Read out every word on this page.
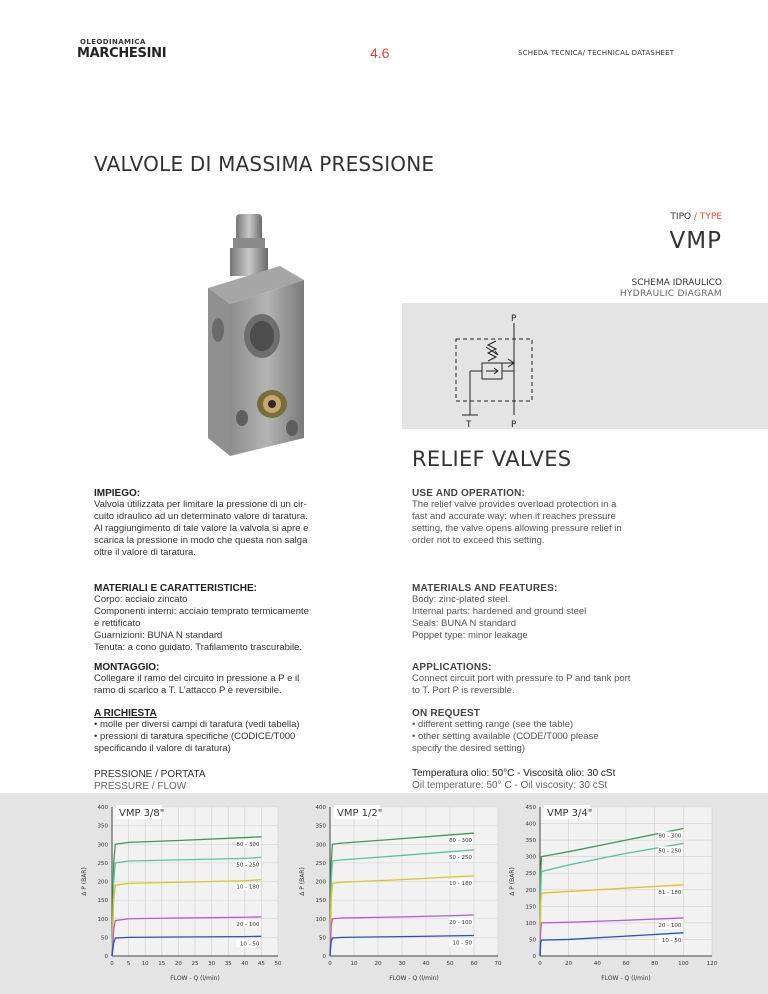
OLEODINAMICA
MARCHESINI	4.6	SCHEDA TECNICA/ TECHNICAL DATASHEET
VALVOLE DI MASSIMA PRESSIONE
TIPO / TYPE
VMP
SCHEMA IDRAULICO
HYDRAULIC DIAGRAM
P
T	P
RELIEF VALVES
IMPIEGO:
Valvola utilizzata per limitare la pressione di un cir-
cuito idraulico ad un determinato valore di taratura.
Al raggiungimento di tale valore la valvola si apre e
scarica la pressione in modo che questa non salga
oltre il valore di taratura.
MATERIALI E CARATTERISTICHE:
Corpo: acciaio zincato
Componenti interni: acciaio temprato termicamente
e rettificato
Guarnizioni: BUNA N standard
Tenuta: a cono guidato. Trafilamento trascurabile.
MONTAGGIO:
Collegare il ramo del circuito in pressione a P e il
ramo di scarico a T. L’attacco P è reversibile.
A RICHIESTA
• molle per diversi campi di taratura (vedi tabella)
• pressioni di taratura specifiche (CODICE/T000
specificando il valore di taratura)
USE AND OPERATION:
The relief valve provides overload protection in a
fast and accurate way: when it reaches pressure
setting, the valve opens allowing pressure relief in
order not to exceed this setting.
MATERIALS AND FEATURES:
Body: zinc-plated steel.
Internal parts: hardened and ground steel
Seals: BUNA N standard
Poppet type: minor leakage
APPLICATIONS:
Connect circuit port with pressure to P and tank port
to T. Port P is reversible.
ON REQUEST
• different setting range (see the table)
• other setting available (CODE/T000 please
specify the desired setting)
PRESSIONE / PORTATA
PRESSURE / FLOW
Temperatura olio: 50°C - Viscosità olio: 30 cSt
Oil temperature: 50° C - Oil viscosity: 30 cSt
0 5 10 15 20 25 30 35 40 45 50
0
50
100
150
200
250
300
350
400
FLOW - Q (l/min)
Δ P (BAR)
80 - 300
50 - 250
10 - 180
20 - 100
10 - 50
VMP 3/8"
0	10	20	30	40	50	60	70
0
50
100
150
200
250
300
350
400
FLOW - Q (l/min)
Δ P (BAR)
80 - 300
50 - 250
10 - 180
20 - 100
10 - 50
VMP 1/2"
0	20	40	60	80	100	120
0
50
100
150
200
250
300
350
400
450
FLOW - Q (l/min)
Δ P (BAR)
80 - 300
50 - 250
81 - 180
20 - 100
10 - 50
VMP 3/4"
